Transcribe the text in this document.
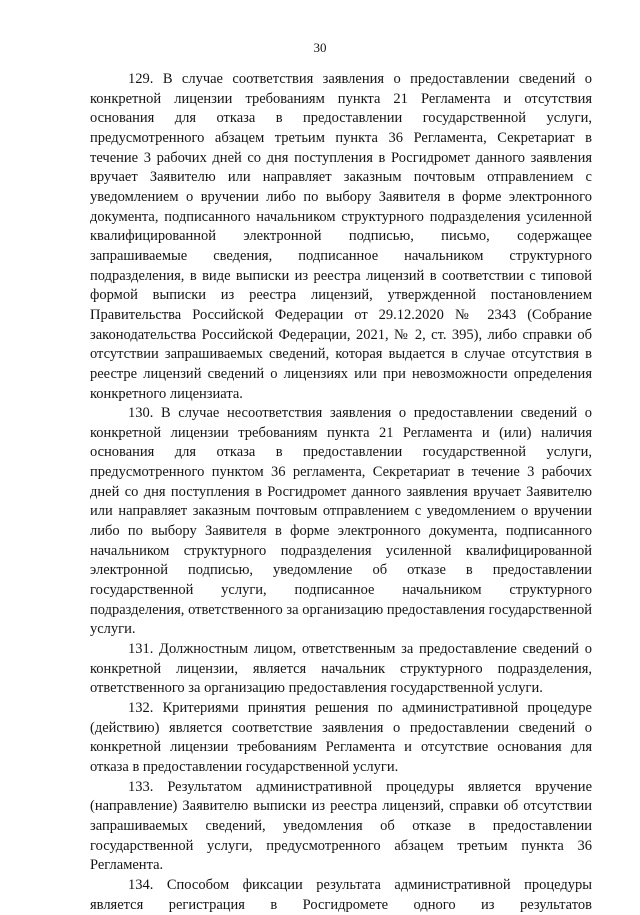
30

129. В случае соответствия заявления о предоставлении сведений о конкретной лицензии требованиям пункта 21 Регламента и отсутствия основания для отказа в предоставлении государственной услуги, предусмотренного абзацем третьим пункта 36 Регламента, Секретариат в течение 3 рабочих дней со дня поступления в Росгидромет данного заявления вручает Заявителю или направляет заказным почтовым отправлением с уведомлением о вручении либо по выбору Заявителя в форме электронного документа, подписанного начальником структурного подразделения усиленной квалифицированной электронной подписью, письмо, содержащее запрашиваемые сведения, подписанное начальником структурного подразделения, в виде выписки из реестра лицензий в соответствии с типовой формой выписки из реестра лицензий, утвержденной постановлением Правительства Российской Федерации от 29.12.2020 № 2343 (Собрание законодательства Российской Федерации, 2021, № 2, ст. 395), либо справки об отсутствии запрашиваемых сведений, которая выдается в случае отсутствия в реестре лицензий сведений о лицензиях или при невозможности определения конкретного лицензиата.

130. В случае несоответствия заявления о предоставлении сведений о конкретной лицензии требованиям пункта 21 Регламента и (или) наличия основания для отказа в предоставлении государственной услуги, предусмотренного пунктом 36 регламента, Секретариат в течение 3 рабочих дней со дня поступления в Росгидромет данного заявления вручает Заявителю или направляет заказным почтовым отправлением с уведомлением о вручении либо по выбору Заявителя в форме электронного документа, подписанного начальником структурного подразделения усиленной квалифицированной электронной подписью, уведомление об отказе в предоставлении государственной услуги, подписанное начальником структурного подразделения, ответственного за организацию предоставления государственной услуги.

131. Должностным лицом, ответственным за предоставление сведений о конкретной лицензии, является начальник структурного подразделения, ответственного за организацию предоставления государственной услуги.

132. Критериями принятия решения по административной процедуре (действию) является соответствие заявления о предоставлении сведений о конкретной лицензии требованиям Регламента и отсутствие основания для отказа в предоставлении государственной услуги.

133. Результатом административной процедуры является вручение (направление) Заявителю выписки из реестра лицензий, справки об отсутствии запрашиваемых сведений, уведомления об отказе в предоставлении государственной услуги, предусмотренного абзацем третьим пункта 36 Регламента.

134. Способом фиксации результата административной процедуры является регистрация в Росгидромете одного из результатов
